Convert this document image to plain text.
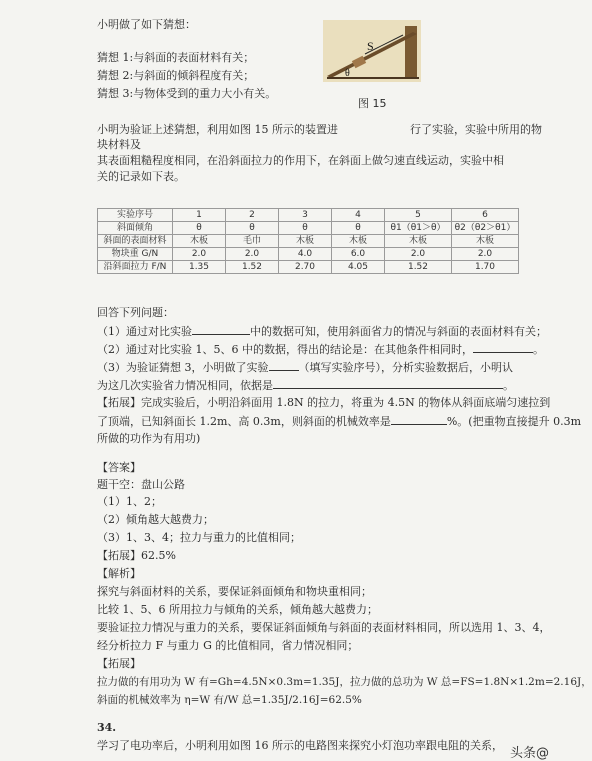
小明做了如下猜想：
猜想 1:与斜面的表面材料有关；
猜想 2:与斜面的倾斜程度有关；
猜想 3:与物体受到的重力大小有关。
S
θ
图 15
小明为验证上述猜想，利用如图 15 所示的装置进	行了实验，实验中所用的物
块材料及
其表面粗糙程度相同，在沿斜面拉力的作用下，在斜面上做匀速直线运动，实验中相
关的记录如下表。
实验序号	1	2	3	4	5	6
斜面倾角	θ	θ	θ	θ	θ1（θ1＞θ）	θ2（θ2＞θ1）
斜面的表面材料	木板	毛巾	木板	木板	木板	木板
物块重 G/N	2.0	2.0	4.0	6.0	2.0	2.0
沿斜面拉力 F/N	1.35	1.52	2.70	4.05	1.52	1.70
回答下列问题：
（1）通过对比实验	中的数据可知，使用斜面省力的情况与斜面的表面材料有关；
（2）通过对比实验 1、5、6 中的数据，得出的结论是：在其他条件相同时，	。
（3）为验证猜想 3，小明做了实验	（填写实验序号），分析实验数据后，小明认
为这几次实验省力情况相同，依据是	。
【拓展】完成实验后，小明沿斜面用 1.8N 的拉力，将重为 4.5N 的物体从斜面底端匀速拉到
了顶端，已知斜面长 1.2m、高 0.3m，则斜面的机械效率是	%。(把重物直接提升 0.3m
所做的功作为有用功)
【答案】
题干空：盘山公路
（1）1、2；
（2）倾角越大越费力；
（3）1、3、4；拉力与重力的比值相同；
【拓展】62.5%
【解析】
探究与斜面材料的关系，要保证斜面倾角和物块重相同；
比较 1、5、6 所用拉力与倾角的关系，倾角越大越费力；
要验证拉力情况与重力的关系，要保证斜面倾角与斜面的表面材料相同，所以选用 1、3、4，
经分析拉力 F 与重力 G 的比值相同，省力情况相同；
【拓展】
拉力做的有用功为 W 有=Gh=4.5N×0.3m=1.35J，拉力做的总功为 W 总=FS=1.8N×1.2m=2.16J，
斜面的机械效率为 η=W 有/W 总=1.35J/2.16J=62.5%
34.
学习了电功率后，小明利用如图 16 所示的电路图来探究小灯泡功率跟电阻的关系，
头条@
